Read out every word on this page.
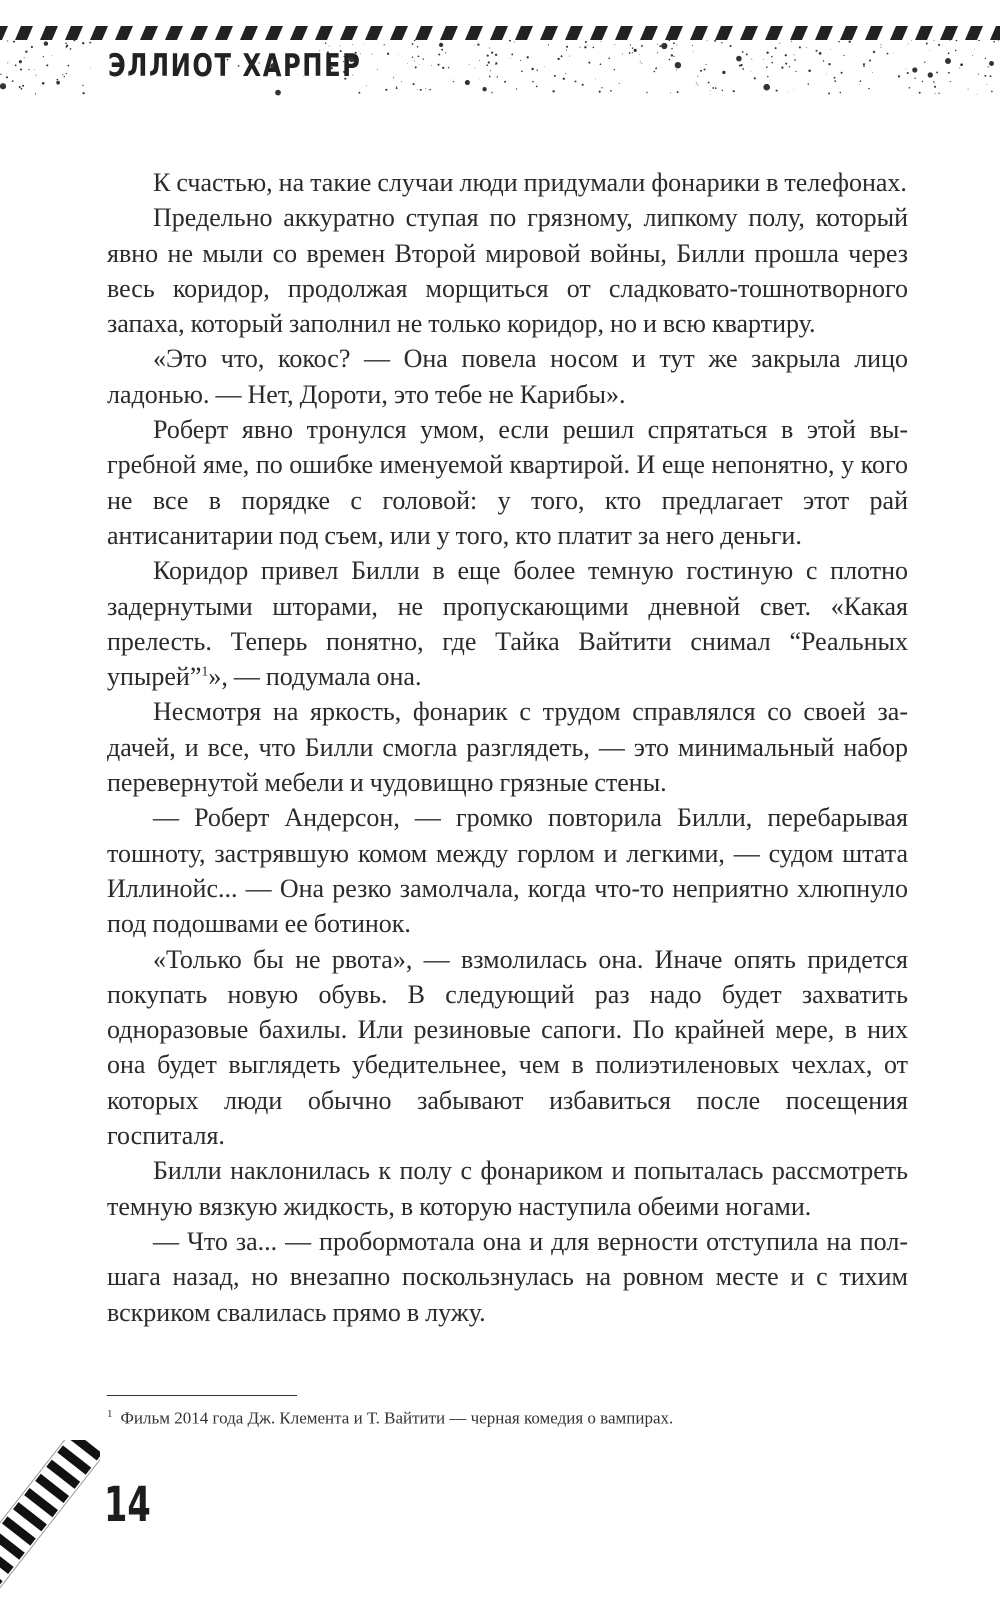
ЭЛЛИОТ ХАРПЕР

К счастью, на такие случаи люди придумали фонарики в телефонах.

Предельно аккуратно ступая по грязному, липкому полу, который явно не мыли со времен Второй мировой войны, Билли прошла через весь коридор, продолжая морщиться от сладковато-тошнотворного запаха, который заполнил не только коридор, но и всю квартиру.

«Это что, кокос? — Она повела носом и тут же закрыла лицо ладонью. — Нет, Дороти, это тебе не Карибы».

Роберт явно тронулся умом, если решил спрятаться в этой выгребной яме, по ошибке именуемой квартирой. И еще непонятно, у кого не все в порядке с головой: у того, кто предлагает этот рай антисанитарии под съем, или у того, кто платит за него деньги.

Коридор привел Билли в еще более темную гостиную с плотно задернутыми шторами, не пропускающими дневной свет. «Какая прелесть. Теперь понятно, где Тайка Вайтити снимал “Реальных упырей”$^1$», — подумала она.

Несмотря на яркость, фонарик с трудом справлялся со своей задачей, и все, что Билли смогла разглядеть, — это минимальный набор перевернутой мебели и чудовищно грязные стены.

— Роберт Андерсон, — громко повторила Билли, перебарывая тошноту, застрявшую комом между горлом и легкими, — судом штата Иллинойс... — Она резко замолчала, когда что-то неприятно хлюпнуло под подошвами ее ботинок.

«Только бы не рвота», — взмолилась она. Иначе опять придется покупать новую обувь. В следующий раз надо будет захватить одноразовые бахилы. Или резиновые сапоги. По крайней мере, в них она будет выглядеть убедительнее, чем в полиэтиленовых чехлах, от которых люди обычно забывают избавиться после посещения госпиталя.

Билли наклонилась к полу с фонариком и попыталась рассмотреть темную вязкую жидкость, в которую наступила обеими ногами.

— Что за... — пробормотала она и для верности отступила на полшага назад, но внезапно поскользнулась на ровном месте и с тихим вскриком свалилась прямо в лужу.

$^1$ Фильм 2014 года Дж. Клемента и Т. Вайтити — черная комедия о вампирах.
14
